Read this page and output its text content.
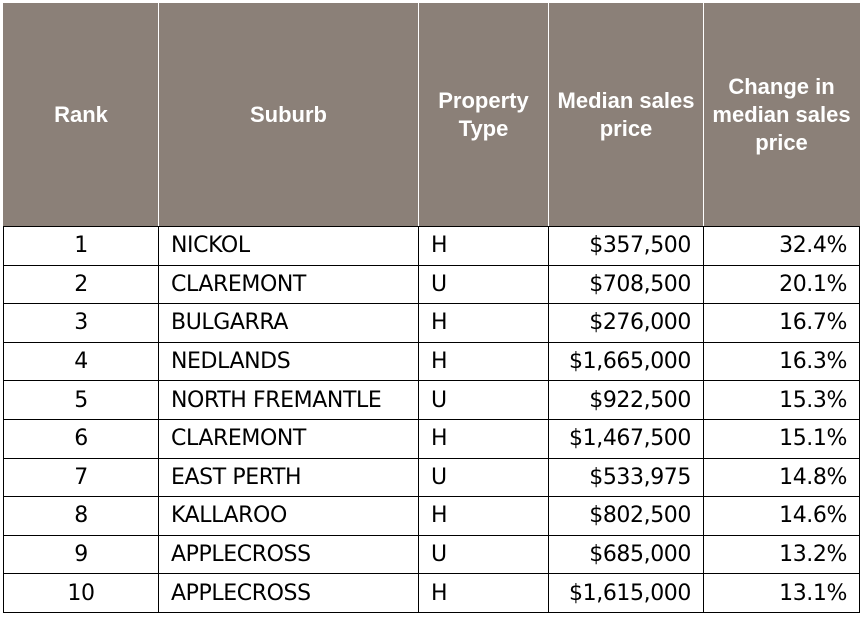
Rank	Suburb	Property Type	Median sales price	Change in median sales price
1	NICKOL	H	$357,500	32.4%
2	CLAREMONT	U	$708,500	20.1%
3	BULGARRA	H	$276,000	16.7%
4	NEDLANDS	H	$1,665,000	16.3%
5	NORTH FREMANTLE	U	$922,500	15.3%
6	CLAREMONT	H	$1,467,500	15.1%
7	EAST PERTH	U	$533,975	14.8%
8	KALLAROO	H	$802,500	14.6%
9	APPLECROSS	U	$685,000	13.2%
10	APPLECROSS	H	$1,615,000	13.1%
